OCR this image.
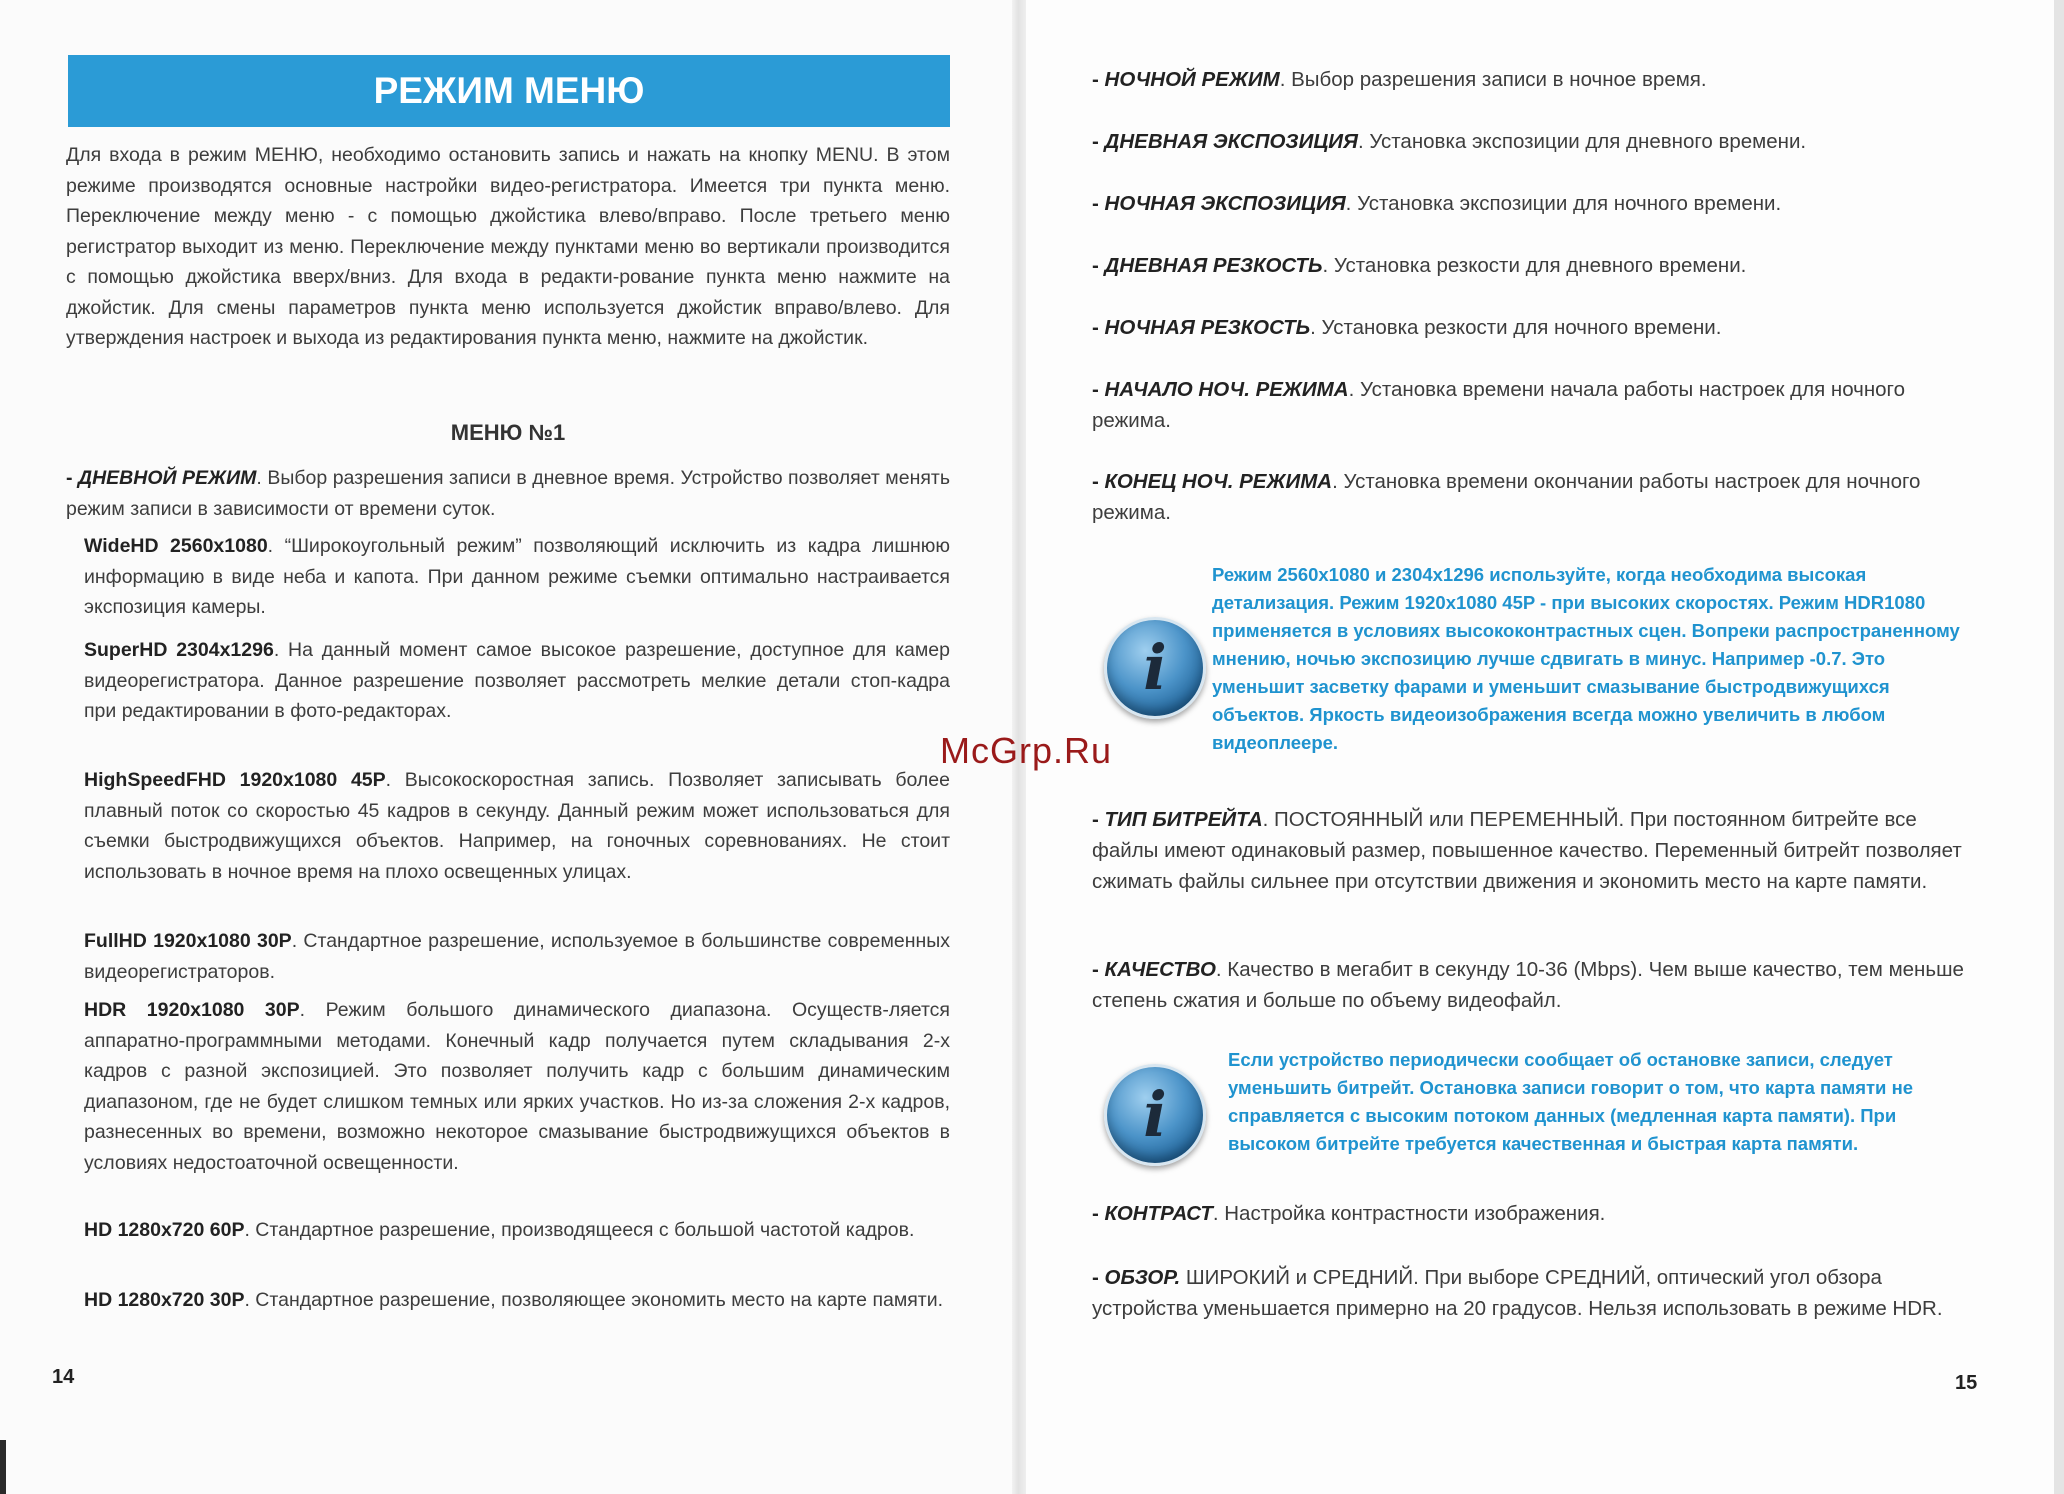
РЕЖИМ МЕНЮ

Для входа в режим МЕНЮ, необходимо остановить запись и нажать на кнопку MENU. В этом режиме производятся основные настройки видео-регистратора. Имеется три пункта меню. Переключение между меню - с помощью джойстика влево/вправо. После третьего меню регистратор выходит из меню. Переключение между пунктами меню во вертикали производится с помощью джойстика вверх/вниз. Для входа в редакти-рование пункта меню нажмите на джойстик. Для смены параметров пункта меню используется джойстик вправо/влево. Для утверждения настроек и выхода из редактирования пункта меню, нажмите на джойстик.

МЕНЮ №1

- ДНЕВНОЙ РЕЖИМ. Выбор разрешения записи в дневное время. Устройство позволяет менять режим записи в зависимости от времени суток.

WideHD 2560x1080. “Широкоугольный режим” позволяющий исключить из кадра лишнюю информацию в виде неба и капота. При данном режиме съемки оптимально настраивается экспозиция камеры.

SuperHD 2304x1296. На данный момент самое высокое разрешение, доступное для камер видеорегистратора. Данное разрешение позволяет рассмотреть мелкие детали стоп-кадра при редактировании в фото-редакторах.

HighSpeedFHD 1920x1080 45P. Высокоскоростная запись. Позволяет записывать более плавный поток со скоростью 45 кадров в секунду. Данный режим может использоваться для съемки быстродвижущихся объектов. Например, на гоночных соревнованиях. Не стоит использовать в ночное время на плохо освещенных улицах.

FullHD 1920x1080 30P. Стандартное разрешение, используемое в большинстве современных видеорегистраторов.

HDR 1920x1080 30P. Режим большого динамического диапазона. Осуществ-ляется аппаратно-программными методами. Конечный кадр получается путем складывания 2-х кадров с разной экспозицией. Это позволяет получить кадр с большим динамическим диапазоном, где не будет слишком темных или ярких участков. Но из-за сложения 2-х кадров, разнесенных во времени, возможно некоторое смазывание быстродвижущихся объектов в условиях недостоаточной освещенности.

HD 1280x720 60P. Стандартное разрешение, производящееся с большой частотой кадров.

HD 1280x720 30P. Стандартное разрешение, позволяющее экономить место на карте памяти.

14

- НОЧНОЙ РЕЖИМ. Выбор разрешения записи в ночное время.

- ДНЕВНАЯ ЭКСПОЗИЦИЯ. Установка экспозиции для дневного времени.

- НОЧНАЯ ЭКСПОЗИЦИЯ. Установка экспозиции для ночного времени.

- ДНЕВНАЯ РЕЗКОСТЬ. Установка резкости для дневного времени.

- НОЧНАЯ РЕЗКОСТЬ. Установка резкости для ночного времени.

- НАЧАЛО НОЧ. РЕЖИМА. Установка времени начала работы настроек для ночного режима.

- КОНЕЦ НОЧ. РЕЖИМА. Установка времени окончании работы настроек для ночного режима.

i

Режим 2560x1080 и 2304x1296 используйте, когда необходима высокая детализация. Режим 1920x1080 45P - при высоких скоростях. Режим HDR1080 применяется в условиях высококонтрастных сцен. Вопреки распространенному мнению, ночью экспозицию лучше сдвигать в минус. Например -0.7. Это уменьшит засветку фарами и уменьшит смазывание быстродвижущихся объектов. Яркость видеоизображения всегда можно увеличить в любом видеоплеере.

McGrp.Ru

- ТИП БИТРЕЙТА. ПОСТОЯННЫЙ или ПЕРЕМЕННЫЙ. При постоянном битрейте все файлы имеют одинаковый размер, повышенное качество. Переменный битрейт позволяет сжимать файлы сильнее при отсутствии движения и экономить место на карте памяти.

- КАЧЕСТВО. Качество в мегабит в секунду 10-36 (Mbps). Чем выше качество, тем меньше степень сжатия и больше по объему видеофайл.

i

Если устройство периодически сообщает об остановке записи, следует уменьшить битрейт. Остановка записи говорит о том, что карта памяти не справляется с высоким потоком данных (медленная карта памяти). При высоком битрейте требуется качественная и быстрая карта памяти.

- КОНТРАСТ. Настройка контрастности изображения.

- ОБЗОР. ШИРОКИЙ и СРЕДНИЙ. При выборе СРЕДНИЙ, оптический угол обзора устройства уменьшается примерно на 20 градусов. Нельзя использовать в режиме HDR.

15
